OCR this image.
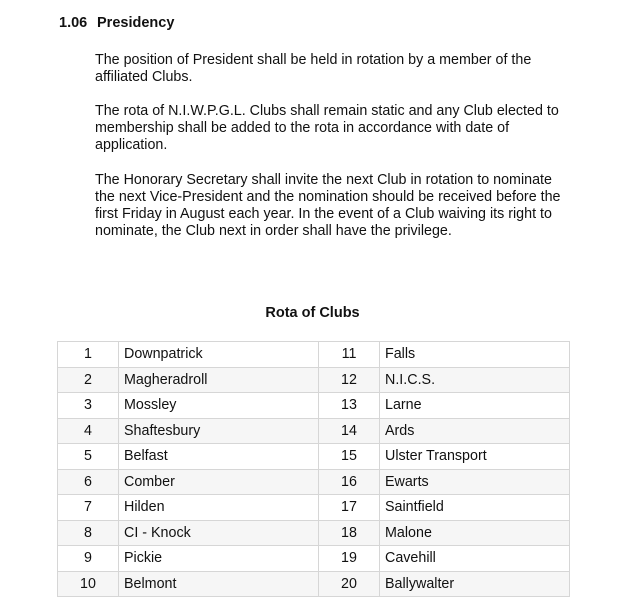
1.06 Presidency

The position of President shall be held in rotation by a member of the affiliated Clubs.

The rota of N.I.W.P.G.L. Clubs shall remain static and any Club elected to membership shall be added to the rota in accordance with date of application.

The Honorary Secretary shall invite the next Club in rotation to nominate the next Vice-President and the nomination should be received before the first Friday in August each year. In the event of a Club waiving its right to nominate, the Club next in order shall have the privilege.

Rota of Clubs
1	Downpatrick	11	Falls
2	Magheradroll	12	N.I.C.S.
3	Mossley	13	Larne
4	Shaftesbury	14	Ards
5	Belfast	15	Ulster Transport
6	Comber	16	Ewarts
7	Hilden	17	Saintfield
8	CI - Knock	18	Malone
9	Pickie	19	Cavehill
10	Belmont	20	Ballywalter
